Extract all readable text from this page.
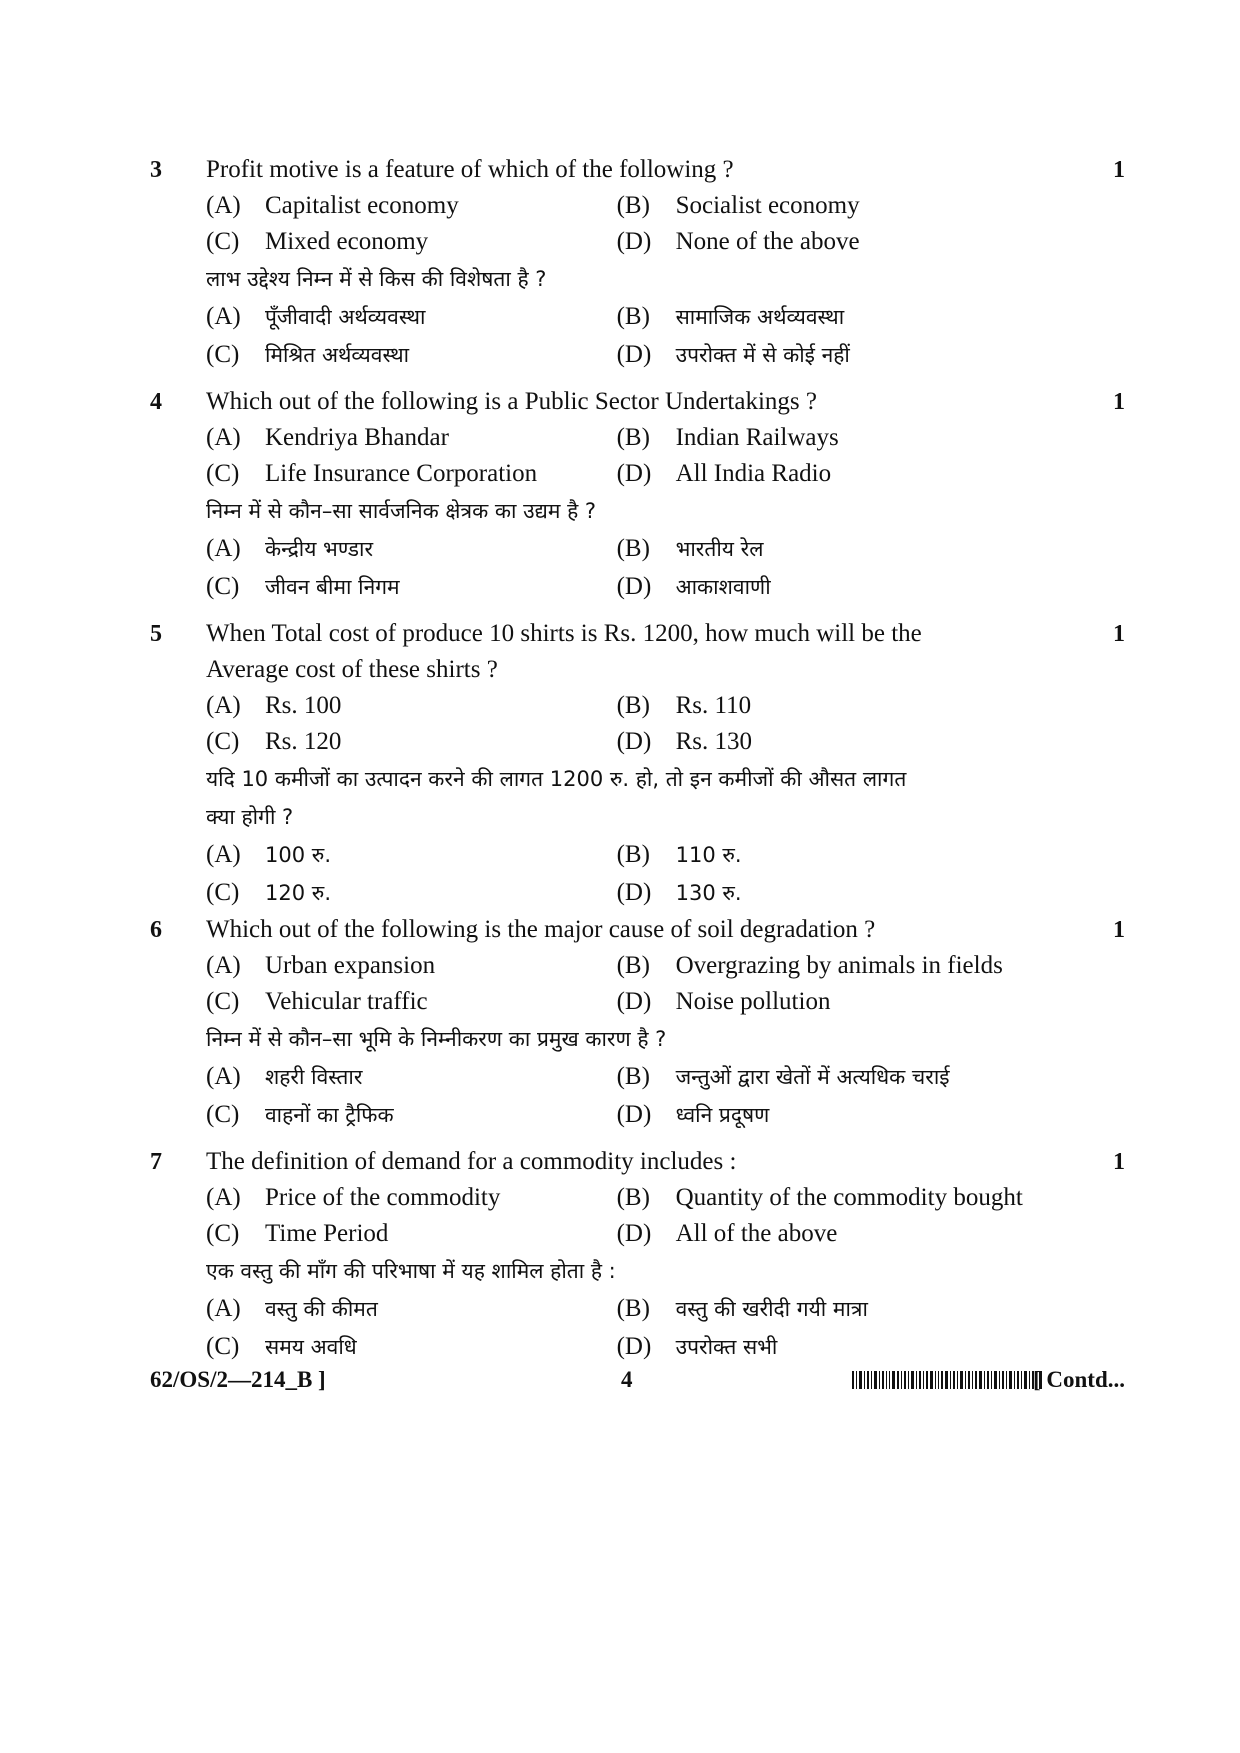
3	1
Profit motive is a feature of which of the following ?
(A) Capitalist economy	(B)	Socialist economy
(C)	Mixed economy	(D) None of the above
लाभ उद्देश्य निम्न में से किस की विशेषता है ?
(A)	पूँजीवादी अर्थव्यवस्था	(B)	सामाजिक अर्थव्यवस्था
(C)	मिश्रित अर्थव्यवस्था	(D)	उपरोक्त में से कोई नहीं
4	1
Which out of the following is a Public Sector Undertakings ?
(A) Kendriya Bhandar	(B)	Indian Railways
(C)	Life Insurance Corporation	(D) All India Radio
निम्न में से कौन–सा सार्वजनिक क्षेत्रक का उद्यम है ?
(A)	केन्द्रीय भण्डार	(B)	भारतीय रेल
(C)	जीवन बीमा निगम	(D)	आकाशवाणी
5	1
When Total cost of produce 10 shirts is Rs. 1200, how much will be the
Average cost of these shirts ?
(A) Rs. 100	(B)	Rs. 110
(C)	Rs. 120	(D) Rs. 130
यदि 10 कमीजों का उत्पादन करने की लागत 1200 रु. हो, तो इन कमीजों की औसत लागत
क्या होगी ?
(A)	100 रु.	(B)	110 रु.
(C)	120 रु.	(D)	130 रु.
6	1
Which out of the following is the major cause of soil degradation ?
(A) Urban expansion	(B)	Overgrazing by animals in fields
(C)	Vehicular traffic	(D) Noise pollution
निम्न में से कौन–सा भूमि के निम्नीकरण का प्रमुख कारण है ?
(A)	शहरी विस्तार	(B)	जन्तुओं द्वारा खेतों में अत्यधिक चराई
(C)	वाहनों का ट्रैफिक	(D)	ध्वनि प्रदूषण
7	1
The definition of demand for a commodity includes :
(A) Price of the commodity	(B)	Quantity of the commodity bought
(C)	Time Period	(D) All of the above
एक वस्तु की माँग की परिभाषा में यह शामिल होता है :
(A)	वस्तु की कीमत	(B)	वस्तु की खरीदी गयी मात्रा
(C)	समय अवधि	(D)	उपरोक्त सभी
62/OS/2—214_B ]	4	[ Contd...
